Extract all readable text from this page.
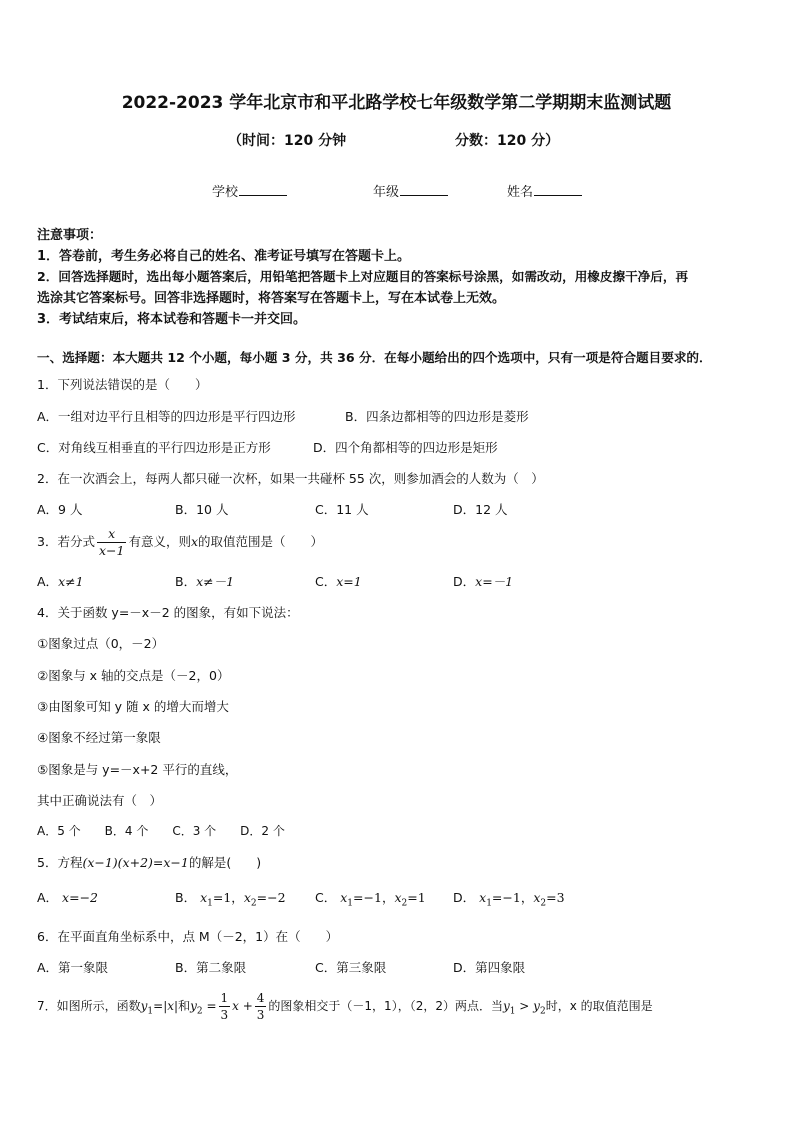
2022-2023 学年北京市和平北路学校七年级数学第二学期期末监测试题
（时间：120 分钟	分数：120 分）
学校	年级	姓名
注意事项：
1．答卷前，考生务必将自己的姓名、准考证号填写在答题卡上。
2．回答选择题时，选出每小题答案后，用铅笔把答题卡上对应题目的答案标号涂黑，如需改动，用橡皮擦干净后，再
选涂其它答案标号。回答非选择题时，将答案写在答题卡上，写在本试卷上无效。
3．考试结束后，将本试卷和答题卡一并交回。
一、选择题：本大题共 12 个小题，每小题 3 分，共 36 分．在每小题给出的四个选项中，只有一项是符合题目要求的．
1．下列说法错误的是（　　）
A．一组对边平行且相等的四边形是平行四边形	B．四条边都相等的四边形是菱形
C．对角线互相垂直的平行四边形是正方形	D．四个角都相等的四边形是矩形
2．在一次酒会上，每两人都只碰一次杯，如果一共碰杯 55 次，则参加酒会的人数为（　）
A．9 人	B．10 人	C．11 人	D．12 人
3．若分式 $\frac{x}{x-1}$ 有意义，则x的取值范围是（　　）
A．x≠1	B．x≠－1	C．x=1	D．x=－1
4．关于函数 y=－x－2 的图象，有如下说法：
①图象过点（0，－2）
②图象与 x 轴的交点是（－2，0）
③由图象可知 y 随 x 的增大而增大
④图象不经过第一象限
⑤图象是与 y=－x+2 平行的直线，
其中正确说法有（　）
A．5 个　　B．4 个　　C．3 个　　D．2 个
5．方程(x−1)(x+2)=x−1的解是(　　)
A． x=−2	B． $x_1=1$，$x_2=-2$ C． $x_1=-1$，$x_2=1$ D． $x_1=-1$，$x_2=3$
6．在平面直角坐标系中，点 M（－2，1）在（　　）
A．第一象限	B．第二象限	C．第三象限	D．第四象限
7．如图所示，函数$y_1=|x|$和$y_2 = \frac{1}{3}$ $x + \frac{4}{3}$ 的图象相交于（－1，1），（2，2）两点．当$y_1 > y_2$时，x 的取值范围是
